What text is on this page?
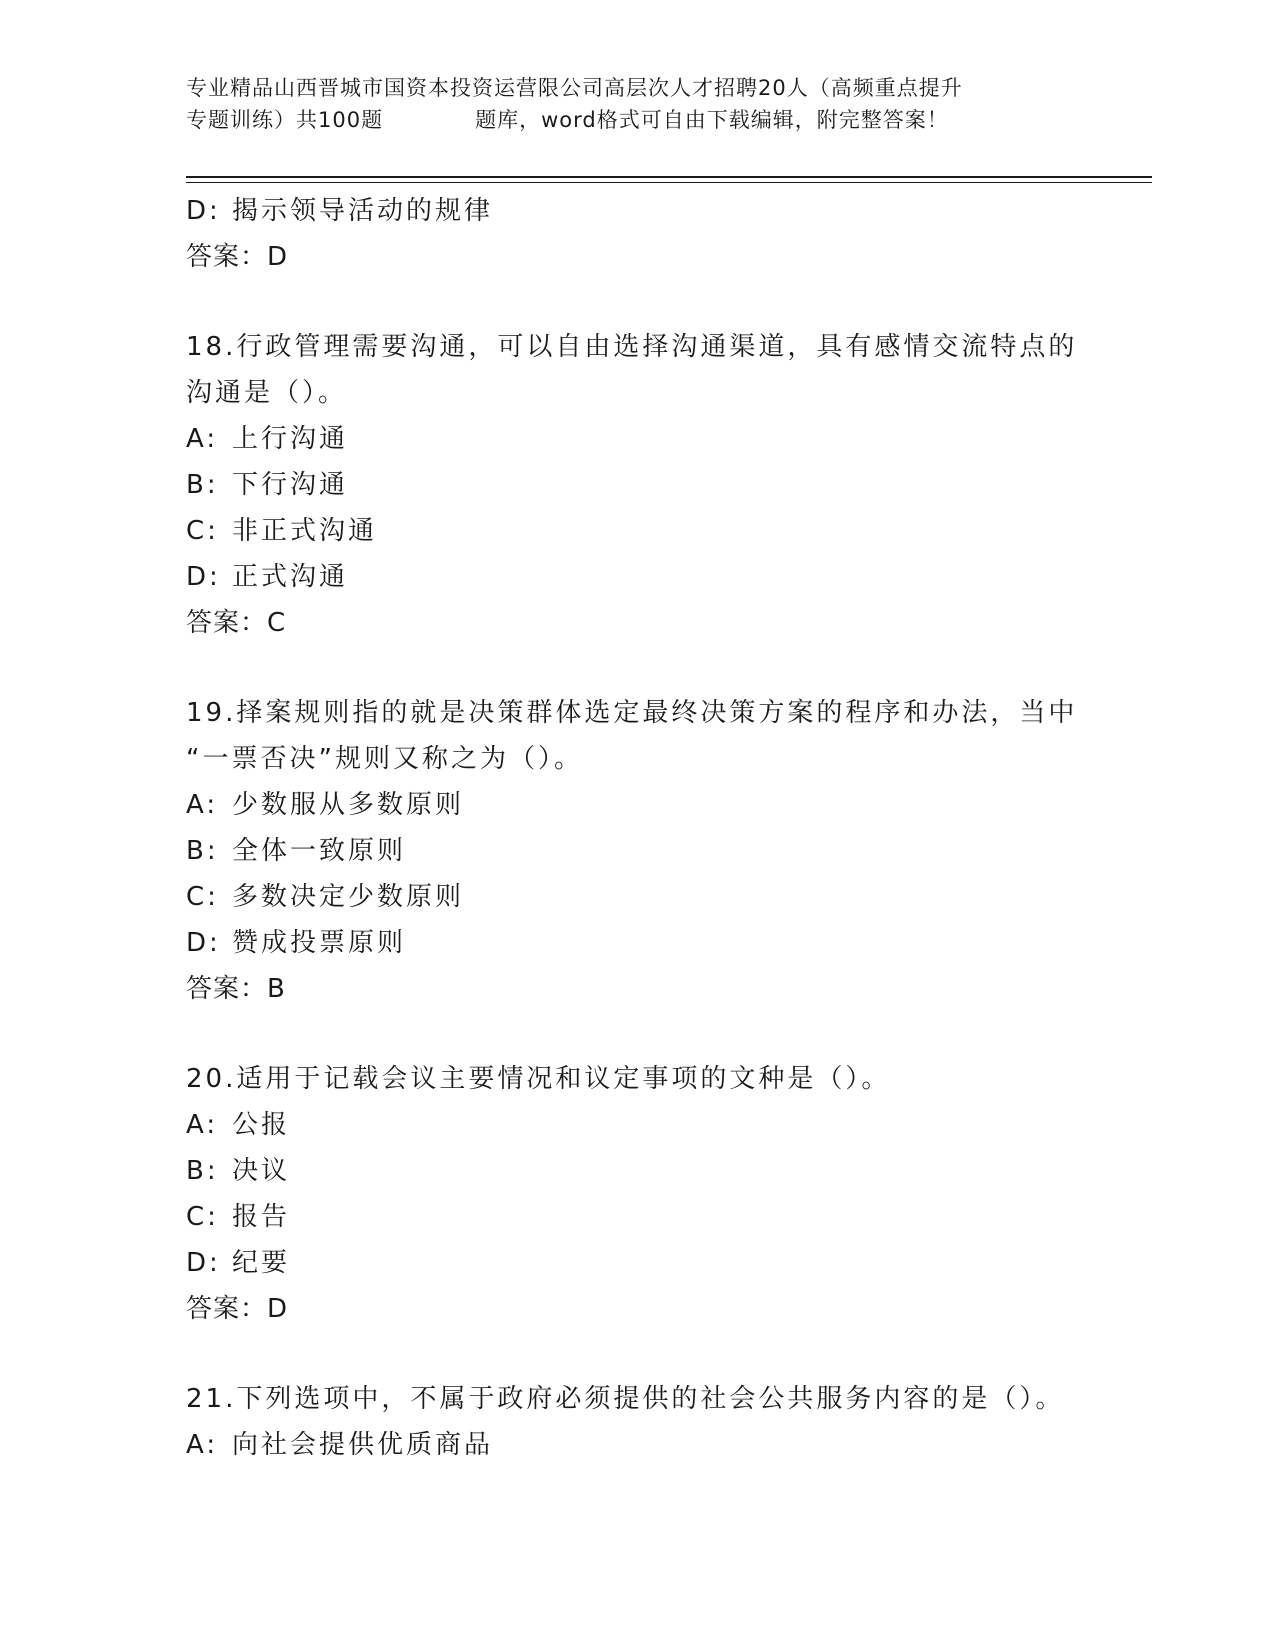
专业精品山西晋城市国资本投资运营限公司高层次人才招聘20人（高频重点提升
专题训练）共100题	题库，word格式可自由下载编辑，附完整答案！
D: 揭示领导活动的规律
答案：D
18.行政管理需要沟通，可以自由选择沟通渠道，具有感情交流特点的
沟通是（）。
A: 上行沟通
B: 下行沟通
C: 非正式沟通
D: 正式沟通
答案：C
19.择案规则指的就是决策群体选定最终决策方案的程序和办法，当中
“一票否决”规则又称之为（）。
A: 少数服从多数原则
B: 全体一致原则
C: 多数决定少数原则
D: 赞成投票原则
答案：B
20.适用于记载会议主要情况和议定事项的文种是（）。
A: 公报
B: 决议
C: 报告
D: 纪要
答案：D
21.下列选项中，不属于政府必须提供的社会公共服务内容的是（）。
A: 向社会提供优质商品
